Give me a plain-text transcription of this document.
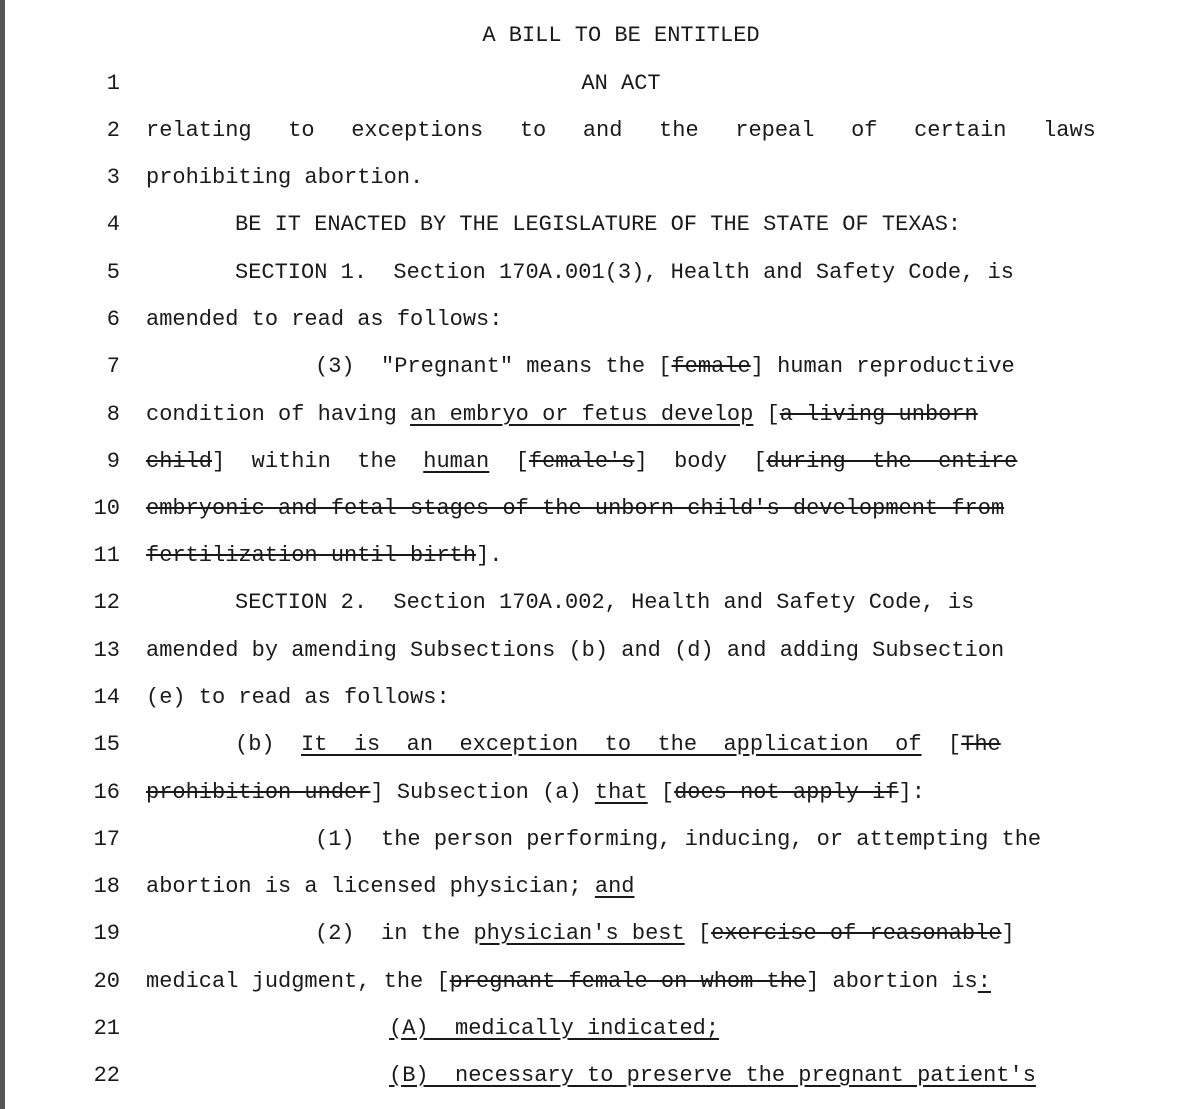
A BILL TO BE ENTITLED
1
2
3
4
5
6
7
8
9
10
11
12
13
14
15
16
17
18
19
20
21
22
AN ACT
relating to exceptions to and the repeal of certain laws
prohibiting abortion.
BE IT ENACTED BY THE LEGISLATURE OF THE STATE OF TEXAS:
SECTION 1.  Section 170A.001(3), Health and Safety Code, is
amended to read as follows:
(3)  "Pregnant" means the [female] human reproductive
condition of having an embryo or fetus develop [a living unborn
child]  within  the  human  [female's]  body  [during  the  entire
embryonic and fetal stages of the unborn child's development from
fertilization until birth].
SECTION 2.  Section 170A.002, Health and Safety Code, is
amended by amending Subsections (b) and (d) and adding Subsection
(e) to read as follows:
(b)  It  is  an  exception  to  the  application  of  [The
prohibition under] Subsection (a) that [does not apply if]:
(1)  the person performing, inducing, or attempting the
abortion is a licensed physician; and
(2)  in the physician's best [exercise of reasonable]
medical judgment, the [pregnant female on whom the] abortion is:
(A)  medically indicated;
(B)  necessary to preserve the pregnant patient's
